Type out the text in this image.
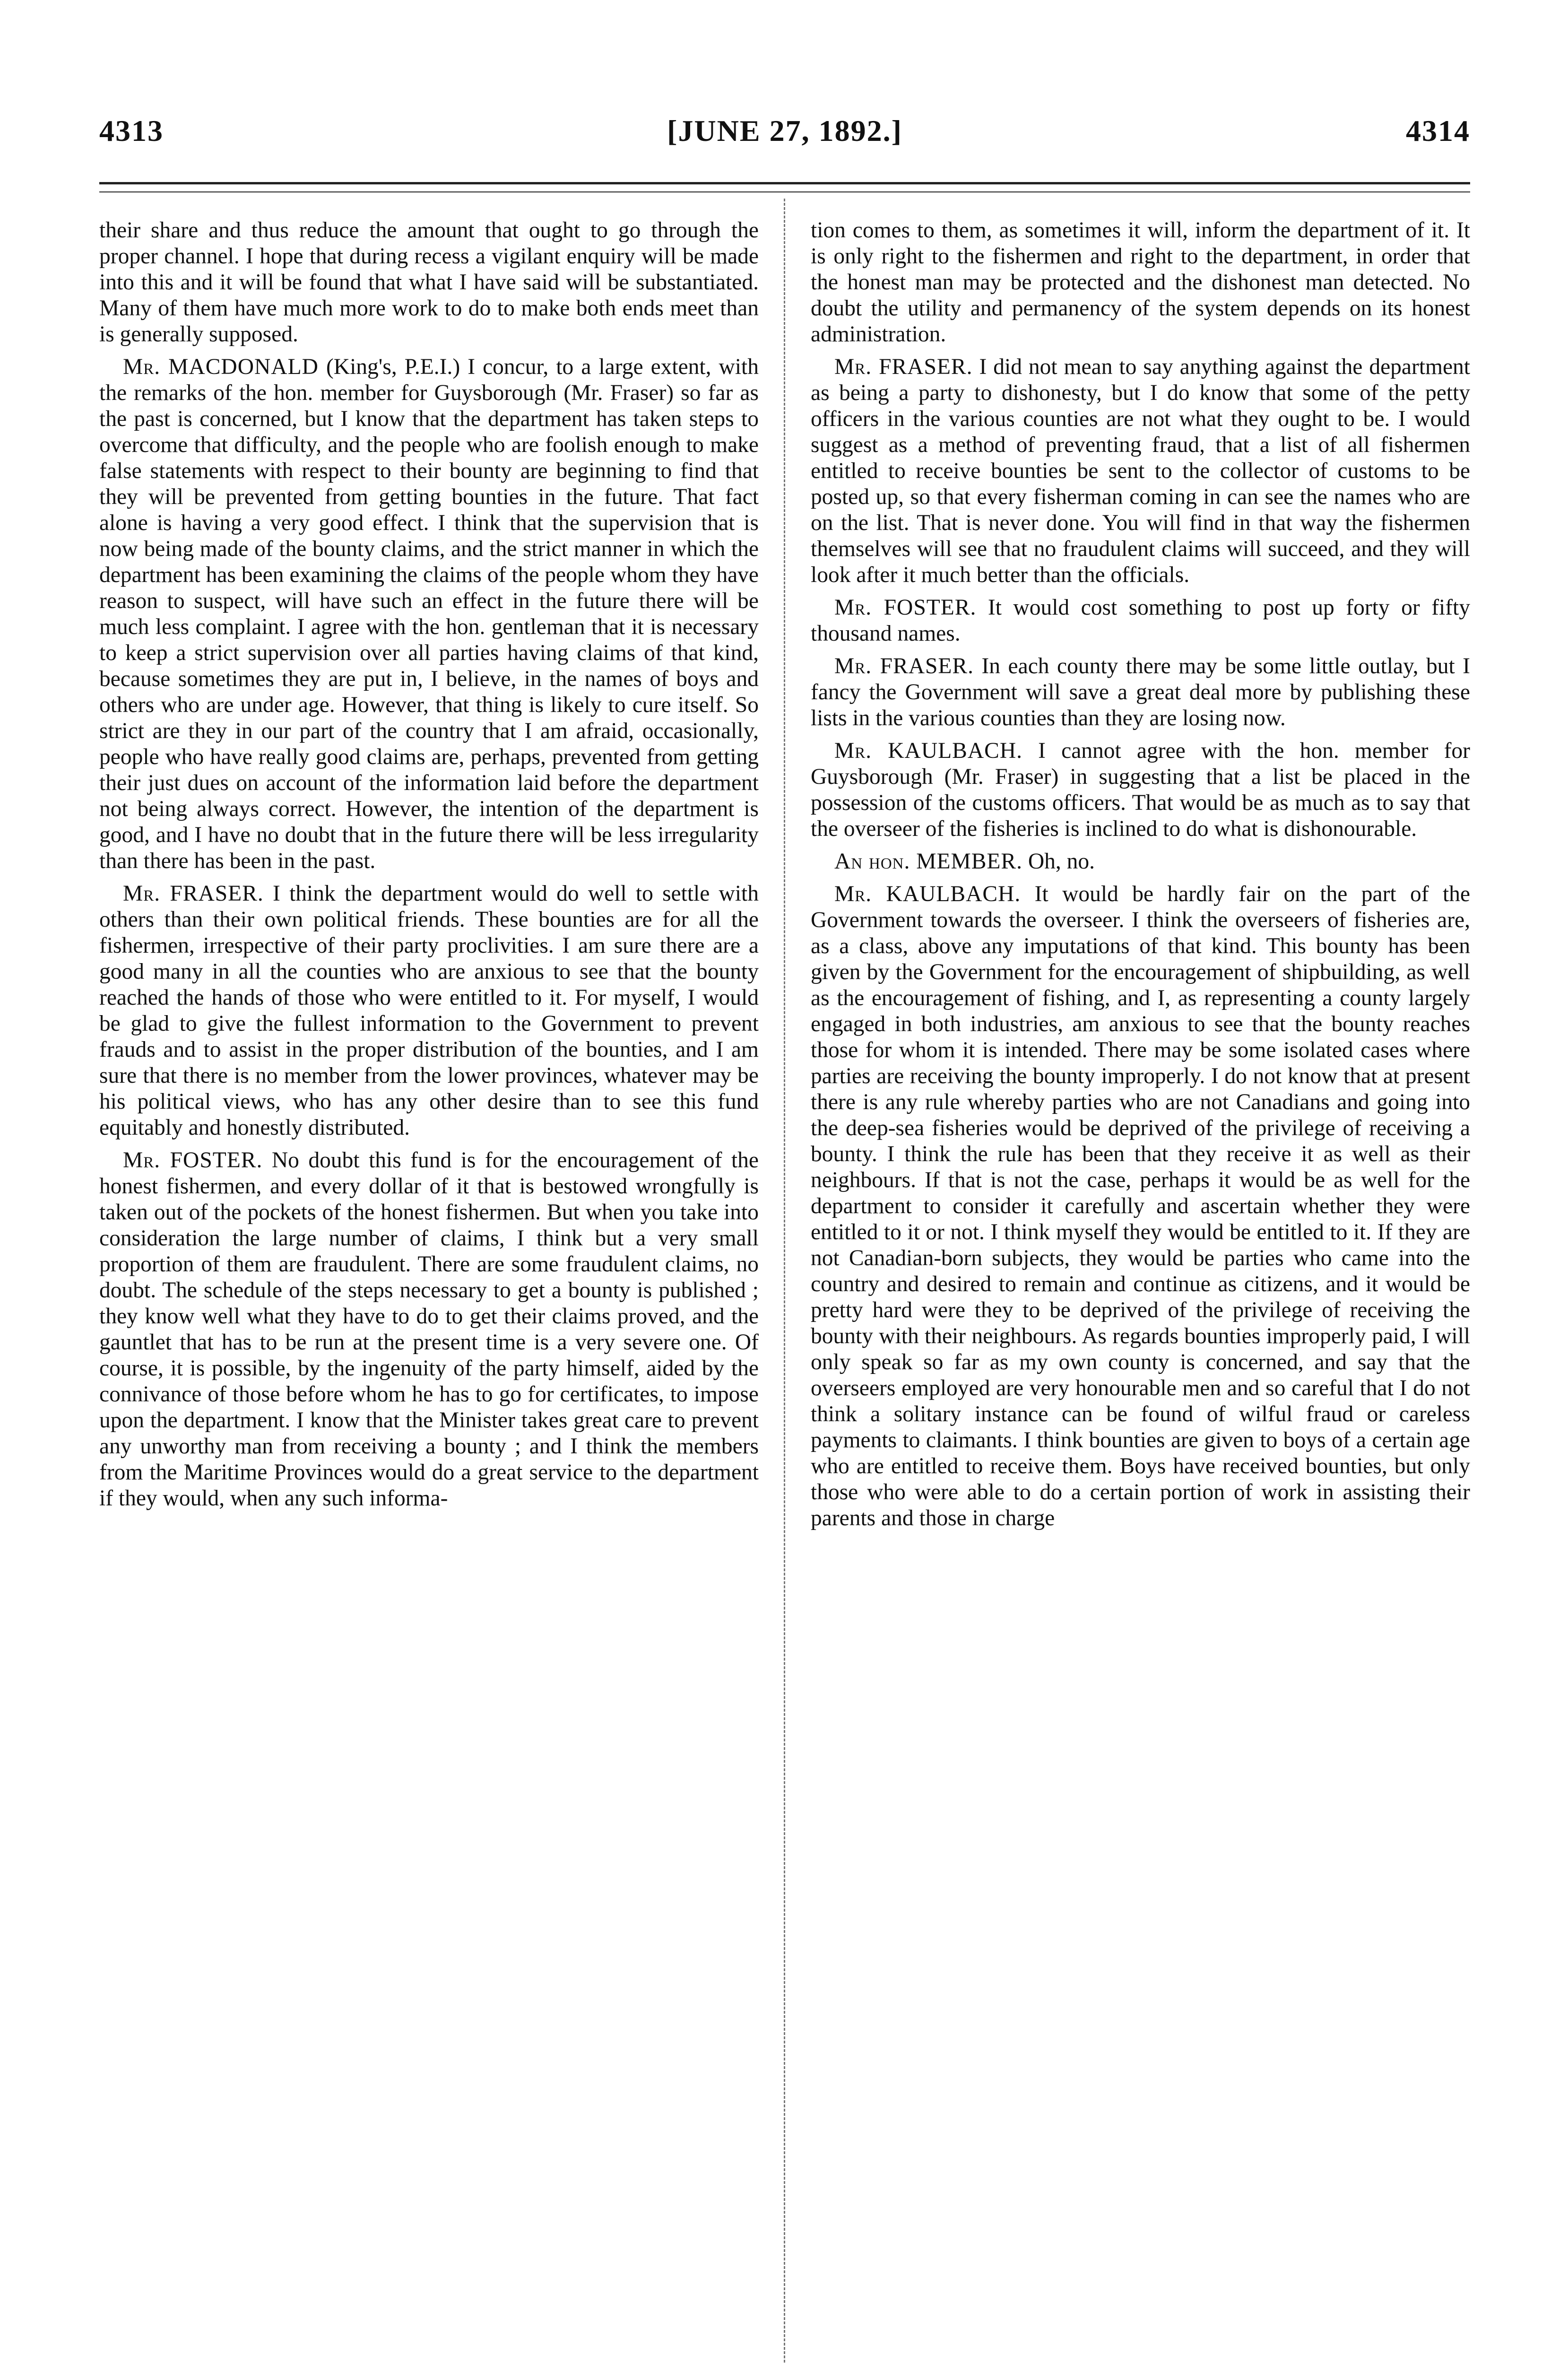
4313	[JUNE 27, 1892.]	4314

their share and thus reduce the amount that ought to go through the proper channel. I hope that during recess a vigilant enquiry will be made into this and it will be found that what I have said will be substantiated. Many of them have much more work to do to make both ends meet than is generally supposed.

Mr. MACDONALD (King's, P.E.I.) I concur, to a large extent, with the remarks of the hon. member for Guysborough (Mr. Fraser) so far as the past is concerned, but I know that the department has taken steps to overcome that difficulty, and the people who are foolish enough to make false statements with respect to their bounty are beginning to find that they will be prevented from getting bounties in the future. That fact alone is having a very good effect. I think that the supervision that is now being made of the bounty claims, and the strict manner in which the department has been examining the claims of the people whom they have reason to suspect, will have such an effect in the future there will be much less complaint. I agree with the hon. gentleman that it is necessary to keep a strict supervision over all parties having claims of that kind, because sometimes they are put in, I believe, in the names of boys and others who are under age. However, that thing is likely to cure itself. So strict are they in our part of the country that I am afraid, occasionally, people who have really good claims are, perhaps, prevented from getting their just dues on account of the information laid before the department not being always correct. However, the intention of the department is good, and I have no doubt that in the future there will be less irregularity than there has been in the past.

Mr. FRASER. I think the department would do well to settle with others than their own political friends. These bounties are for all the fishermen, irrespective of their party proclivities. I am sure there are a good many in all the counties who are anxious to see that the bounty reached the hands of those who were entitled to it. For myself, I would be glad to give the fullest information to the Government to prevent frauds and to assist in the proper distribution of the bounties, and I am sure that there is no member from the lower provinces, whatever may be his political views, who has any other desire than to see this fund equitably and honestly distributed.

Mr. FOSTER. No doubt this fund is for the encouragement of the honest fishermen, and every dollar of it that is bestowed wrongfully is taken out of the pockets of the honest fishermen. But when you take into consideration the large number of claims, I think but a very small proportion of them are fraudulent. There are some fraudulent claims, no doubt. The schedule of the steps necessary to get a bounty is published ; they know well what they have to do to get their claims proved, and the gauntlet that has to be run at the present time is a very severe one. Of course, it is possible, by the ingenuity of the party himself, aided by the connivance of those before whom he has to go for certificates, to impose upon the department. I know that the Minister takes great care to prevent any unworthy man from receiving a bounty ; and I think the members from the Maritime Provinces would do a great service to the department if they would, when any such informa-

tion comes to them, as sometimes it will, inform the department of it. It is only right to the fishermen and right to the department, in order that the honest man may be protected and the dishonest man detected. No doubt the utility and permanency of the system depends on its honest administration.

Mr. FRASER. I did not mean to say anything against the department as being a party to dishonesty, but I do know that some of the petty officers in the various counties are not what they ought to be. I would suggest as a method of preventing fraud, that a list of all fishermen entitled to receive bounties be sent to the collector of customs to be posted up, so that every fisherman coming in can see the names who are on the list. That is never done. You will find in that way the fishermen themselves will see that no fraudulent claims will succeed, and they will look after it much better than the officials.

Mr. FOSTER. It would cost something to post up forty or fifty thousand names.

Mr. FRASER. In each county there may be some little outlay, but I fancy the Government will save a great deal more by publishing these lists in the various counties than they are losing now.

Mr. KAULBACH. I cannot agree with the hon. member for Guysborough (Mr. Fraser) in suggesting that a list be placed in the possession of the customs officers. That would be as much as to say that the overseer of the fisheries is inclined to do what is dishonourable.

An hon. MEMBER. Oh, no.

Mr. KAULBACH. It would be hardly fair on the part of the Government towards the overseer. I think the overseers of fisheries are, as a class, above any imputations of that kind. This bounty has been given by the Government for the encouragement of shipbuilding, as well as the encouragement of fishing, and I, as representing a county largely engaged in both industries, am anxious to see that the bounty reaches those for whom it is intended. There may be some isolated cases where parties are receiving the bounty improperly. I do not know that at present there is any rule whereby parties who are not Canadians and going into the deep-sea fisheries would be deprived of the privilege of receiving a bounty. I think the rule has been that they receive it as well as their neighbours. If that is not the case, perhaps it would be as well for the department to consider it carefully and ascertain whether they were entitled to it or not. I think myself they would be entitled to it. If they are not Canadian-born subjects, they would be parties who came into the country and desired to remain and continue as citizens, and it would be pretty hard were they to be deprived of the privilege of receiving the bounty with their neighbours. As regards bounties improperly paid, I will only speak so far as my own county is concerned, and say that the overseers employed are very honourable men and so careful that I do not think a solitary instance can be found of wilful fraud or careless payments to claimants. I think bounties are given to boys of a certain age who are entitled to receive them. Boys have received bounties, but only those who were able to do a certain portion of work in assisting their parents and those in charge
